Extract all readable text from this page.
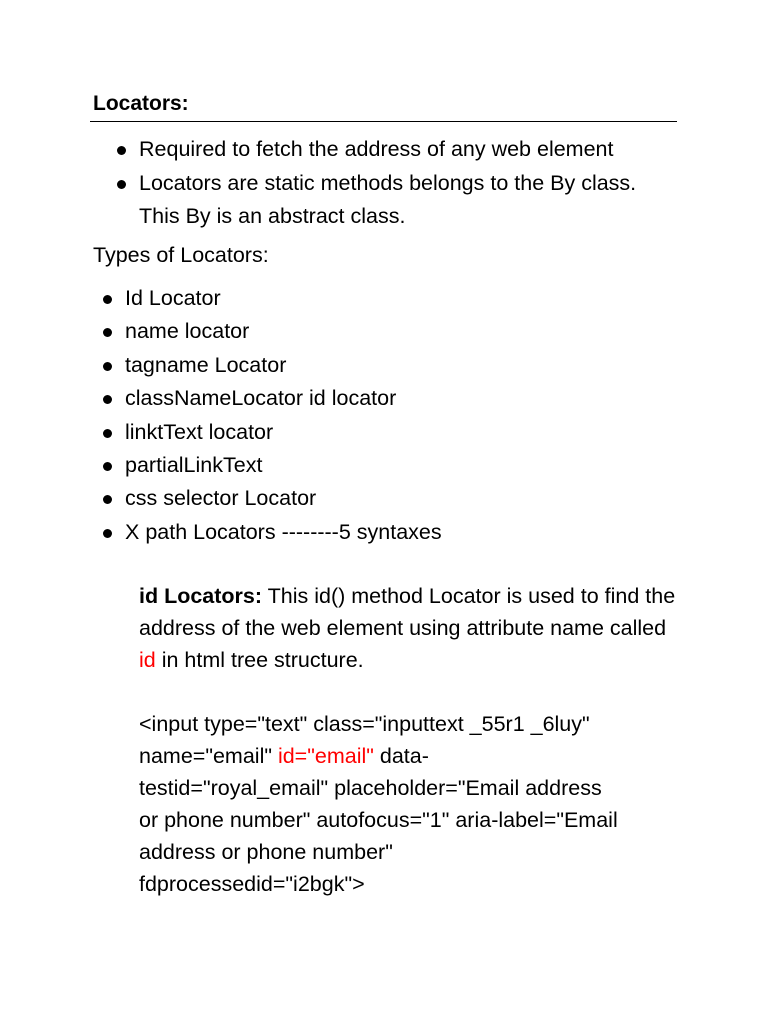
Locators:
Required to fetch the address of any web element
Locators are static methods belongs to the By class. This By is an abstract class.
Types of Locators:
Id Locator
name locator
tagname Locator
classNameLocator id locator
linktText locator
partialLinkText
css selector Locator
X path Locators --------5 syntaxes
id Locators: This id() method Locator is used to find the address of the web element using attribute name called id in html tree structure.
<input type="text" class="inputtext _55r1 _6luy"
name="email" id="email" data-
testid="royal_email" placeholder="Email address
or phone number" autofocus="1" aria-label="Email
address or phone number"
fdprocessedid="i2bgk">
